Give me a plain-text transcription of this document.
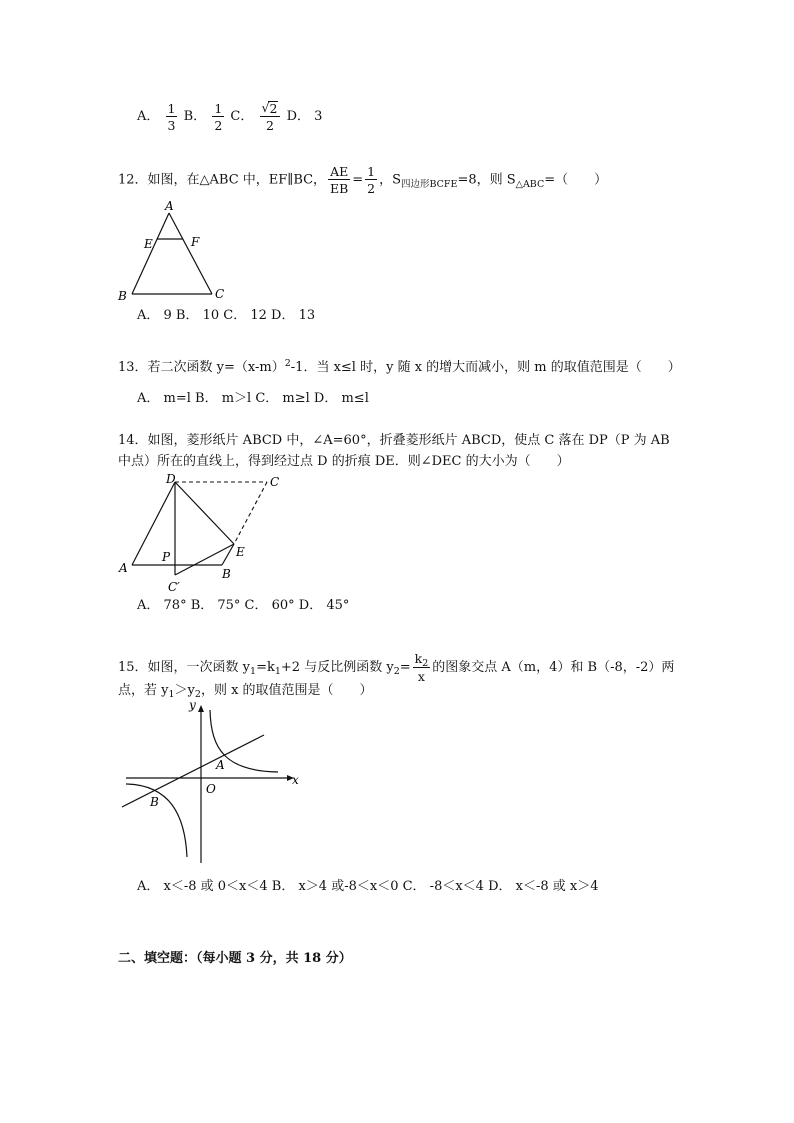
A． $\frac{1}{3}$ B． $\frac{1}{2}$ C． $\frac{√ 2}{2}$ D． 3
12．如图，在△ABC 中，EF∥BC， $\frac{AE}{EB} = \frac{1}{2}$ ，$S_{四边形BCFE}=8$，则 $S_{\triangle ABC}=$（　　）
A
E	F
B	C
A． 9 B． 10 C． 12 D． 13
13．若二次函数 $y=(x-m)^2-1$．当 x≤l 时，y 随 x 的增大而减小，则 m 的取值范围是（　　）
A． m=l B． m＞l C． m≥l D． m≤l
14．如图，菱形纸片 ABCD 中，∠A=60°，折叠菱形纸片 ABCD，使点 C 落在 DP（P 为 AB
中点）所在的直线上，得到经过点 D 的折痕 DE．则∠DEC 的大小为（　　）
D	C
A
P	E
B
C′
A． 78° B． 75° C． 60° D． 45°
15．如图，一次函数 $y_1=k_1+2$ 与反比例函数 $y_2= \frac{k_2}{x}$ 的图象交点 A（m，4）和 B（-8，-2）两
点，若 $y_1>y_2$，则 x 的取值范围是（　　）
y
x
O
A
B
A． x＜-8 或 0＜x＜4 B． x＞4 或-8＜x＜0 C． -8＜x＜4 D． x＜-8 或 x＞4
二、填空题：（每小题 3 分，共 18 分）
